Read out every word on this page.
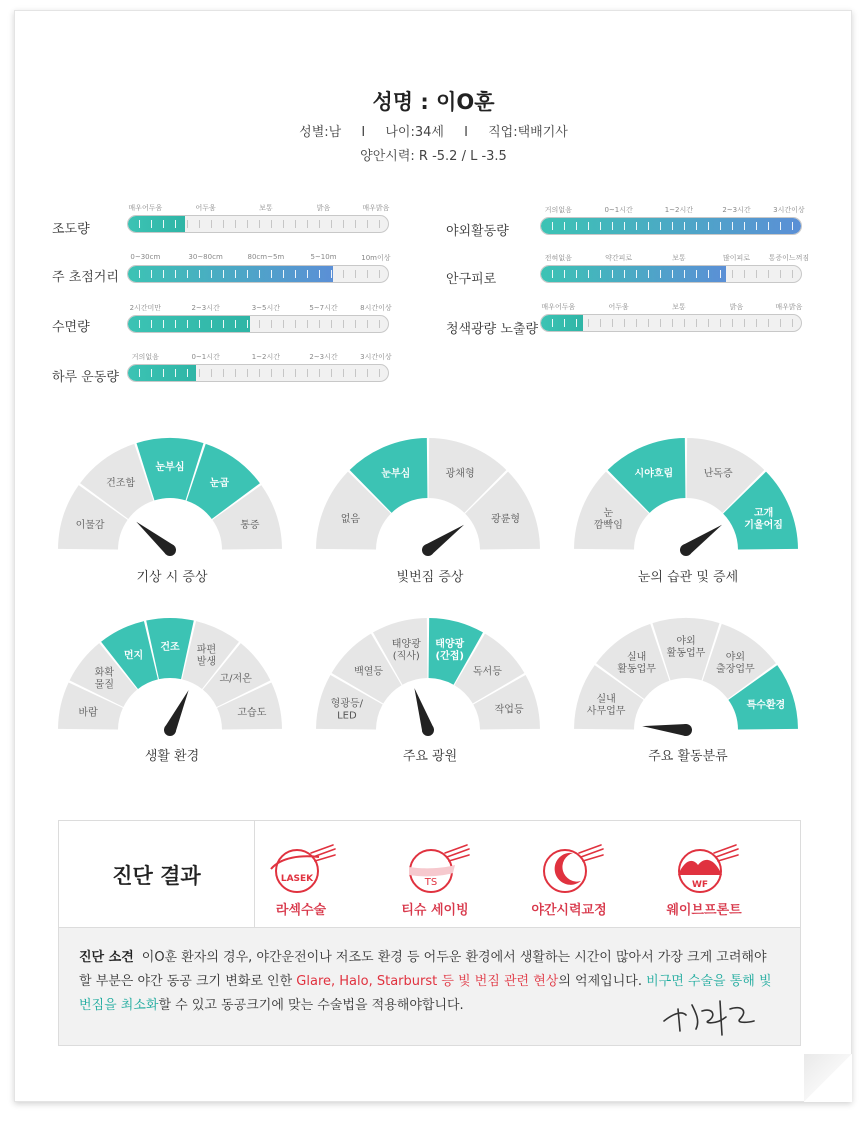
성명 : 이O훈
성별:남 I 나이:34세 I 직업:택배기사
양안시력: R -5.2 / L -3.5
조도량
매우어두움	어두움	보통	밝음	매우밝음
주 초점거리
0~30cm	30~80cm	80cm~5m	5~10m	10m이상
수면량
2시간미만	2~3시간	3~5시간	5~7시간	8시간이상
하루 운동량
거의없음	0~1시간	1~2시간	2~3시간	3시간이상
야외활동량
거의없음	0~1시간	1~2시간	2~3시간	3시간이상
안구피로
전혀없음	약간피로	보통	많이피로	통증이느껴짐
청색광량 노출량
매우어두움	어두움	보통	밝음	매우밝음
이물감
건조함
눈부심
눈곱
통증
기상 시 증상
없음
눈부심	광채형
광륜형
빛번짐 증상
눈 깜빡임
시야흐림	난독증
고개 기울어짐
눈의 습관 및 증세
바람
화확 물질
먼지
건조 파편 발생
고/저온
고습도
생활 환경
형광등/ LED
백열등
태양광 (직사)
태양광 (간접)
독서등
작업등
주요 광원
실내 사무업무
실내 활동업무
야외 활동업무	야외 출장업무
특수환경
주요 활동분류
진단 결과	LASEK
라섹수술
TS
티슈 세이빙	야간시력교정
WF
웨이브프론트
진단 소견 이O훈 환자의 경우, 야간운전이나 저조도 환경 등 어두운 환경에서 생활하는 시간이 많아서 가장 크게 고려해야 할 부분은 야간 동공 크기 변화로 인한 Glare, Halo, Starburst 등 빛 번짐 관련 현상의 억제입니다. 비구면 수술을 통해 빛 번짐을 최소화할 수 있고 동공크기에 맞는 수술법을 적용해야합니다.
